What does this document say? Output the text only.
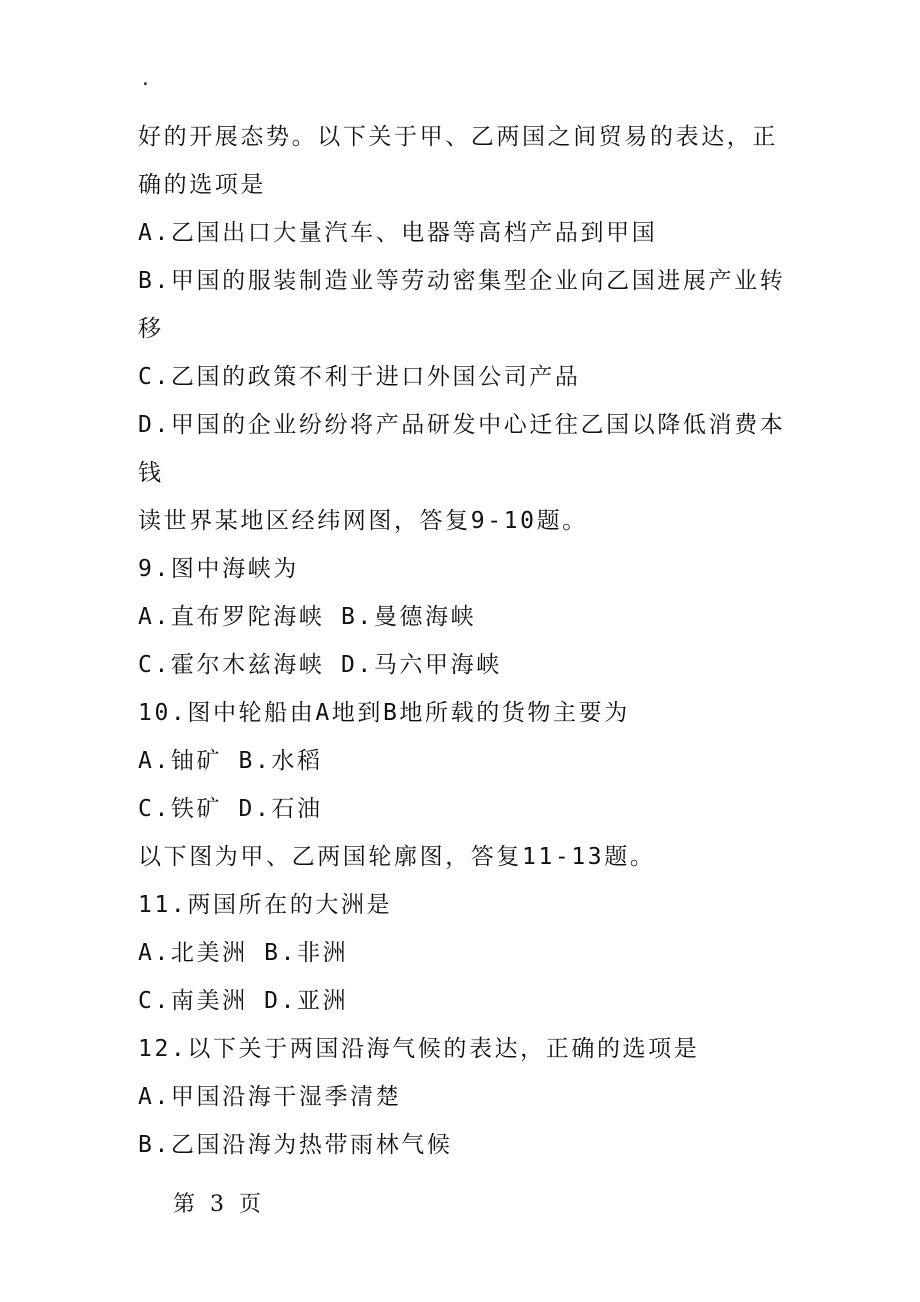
.
好的开展态势。以下关于甲、乙两国之间贸易的表达，正
确的选项是
A.乙国出口大量汽车、电器等高档产品到甲国
B.甲国的服装制造业等劳动密集型企业向乙国进展产业转
移
C.乙国的政策不利于进口外国公司产品
D.甲国的企业纷纷将产品研发中心迁往乙国以降低消费本
钱
读世界某地区经纬网图，答复9-10题。
9.图中海峡为
A.直布罗陀海峡 B.曼德海峡
C.霍尔木兹海峡 D.马六甲海峡
10.图中轮船由A地到B地所载的货物主要为
A.铀矿 B.水稻
C.铁矿 D.石油
以下图为甲、乙两国轮廓图，答复11-13题。
11.两国所在的大洲是
A.北美洲 B.非洲
C.南美洲 D.亚洲
12.以下关于两国沿海气候的表达，正确的选项是
A.甲国沿海干湿季清楚
B.乙国沿海为热带雨林气候
第 3 页
